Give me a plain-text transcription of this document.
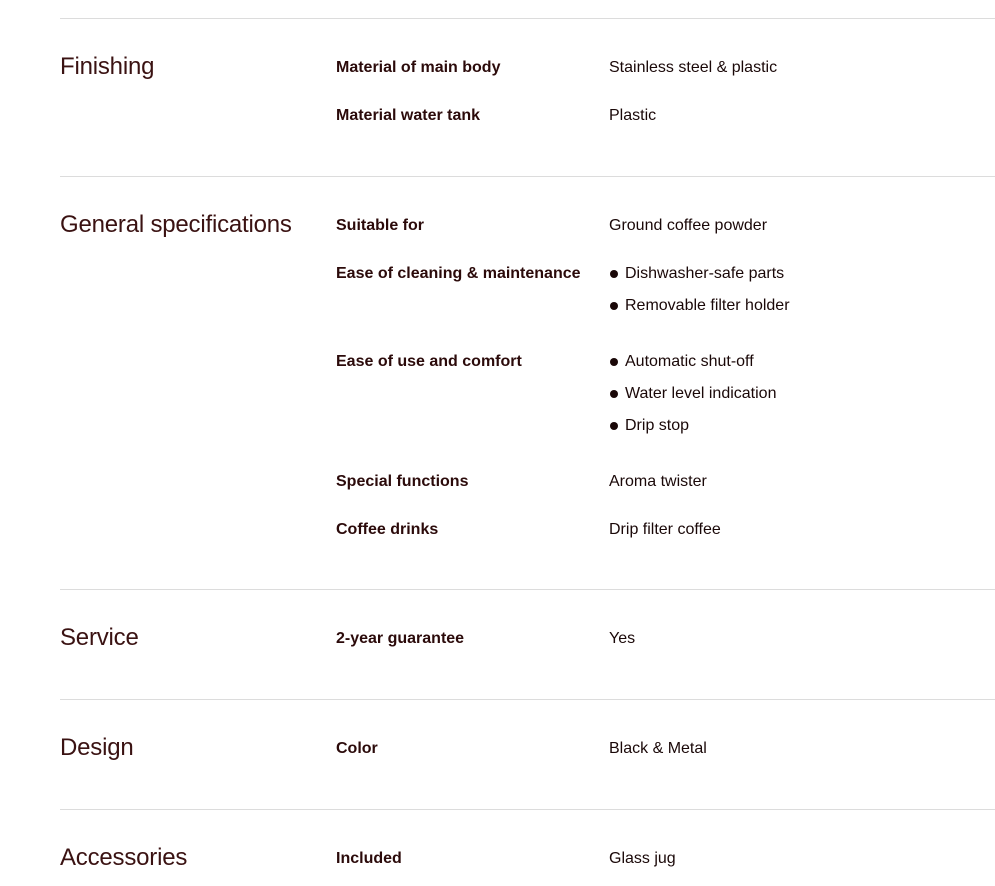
Finishing	Material of main body	Stainless steel & plastic
Material water tank	Plastic
General specifications	Suitable for	Ground coffee powder
Ease of cleaning & maintenance	Dishwasher-safe parts
Removable filter holder
Ease of use and comfort	Automatic shut-off
Water level indication
Drip stop
Special functions	Aroma twister
Coffee drinks	Drip filter coffee
Service	2-year guarantee	Yes
Design	Color	Black & Metal
Accessories	Included	Glass jug
